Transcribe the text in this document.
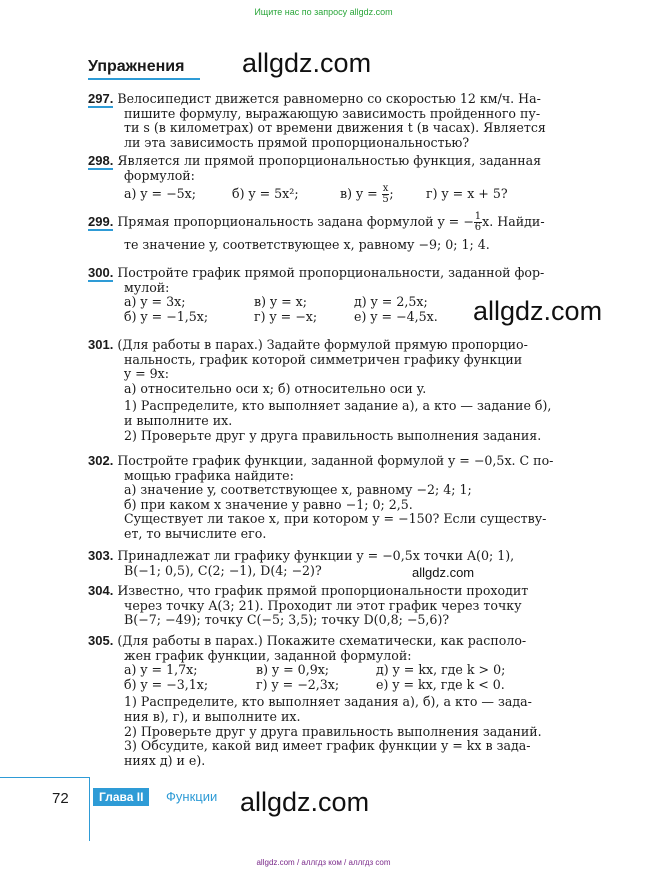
Ищите нас по запросу allgdz.com
Упражнения allgdz.com
allgdz.com
allgdz.com
allgdz.com
297. Велосипедист движется равномерно со скоростью 12 км/ч. На-
пишите формулу, выражающую зависимость пройденного пу-
ти s (в километрах) от времени движения t (в часах). Является
ли эта зависимость прямой пропорциональностью?
298. Является ли прямой пропорциональностью функция, заданная
формулой:
а) y = −5x;	б) y = 5x²;	в) $y = \frac{x}{5}$ ;	г) y = x + 5?
299. Прямая пропорциональность задана формулой y = − $\frac{1}{6} x$. Найди-
те значение y, соответствующее x, равному −9; 0; 1; 4.
300. Постройте график прямой пропорциональности, заданной фор-
мулой:
а) y = 3x;	в) y = x;	д) y = 2,5x;
б) y = −1,5x;	г) y = −x;	е) y = −4,5x.
301. (Для работы в парах.) Задайте формулой прямую пропорцио-
нальность, график которой симметричен графику функции
y = 9x:
а) относительно оси x; б) относительно оси y.
1) Распределите, кто выполняет задание а), а кто — задание б),
и выполните их.
2) Проверьте друг у друга правильность выполнения задания.
302. Постройте график функции, заданной формулой y = −0,5x. С по-
мощью графика найдите:
а) значение y, соответствующее x, равному −2; 4; 1;
б) при каком x значение y равно −1; 0; 2,5.
Существует ли такое x, при котором y = −150? Если существу-
ет, то вычислите его.
303. Принадлежат ли графику функции y = −0,5x точки A(0; 1),
B(−1; 0,5), C(2; −1), D(4; −2)?
304. Известно, что график прямой пропорциональности проходит
через точку A(3; 21). Проходит ли этот график через точку
B(−7; −49); точку C(−5; 3,5); точку D(0,8; −5,6)?
305. (Для работы в парах.) Покажите схематически, как располо-
жен график функции, заданной формулой:
а) y = 1,7x;	в) y = 0,9x;	д) y = kx, где k > 0;
б) y = −3,1x;	г) y = −2,3x;	е) y = kx, где k < 0.
1) Распределите, кто выполняет задания а), б), а кто — зада-
ния в), г), и выполните их.
2) Проверьте друг у друга правильность выполнения заданий.
3) Обсудите, какой вид имеет график функции y = kx в зада-
ниях д) и е).
72	Глава II	Функции
allgdz.com / аллгдз ком / аллгдз com
